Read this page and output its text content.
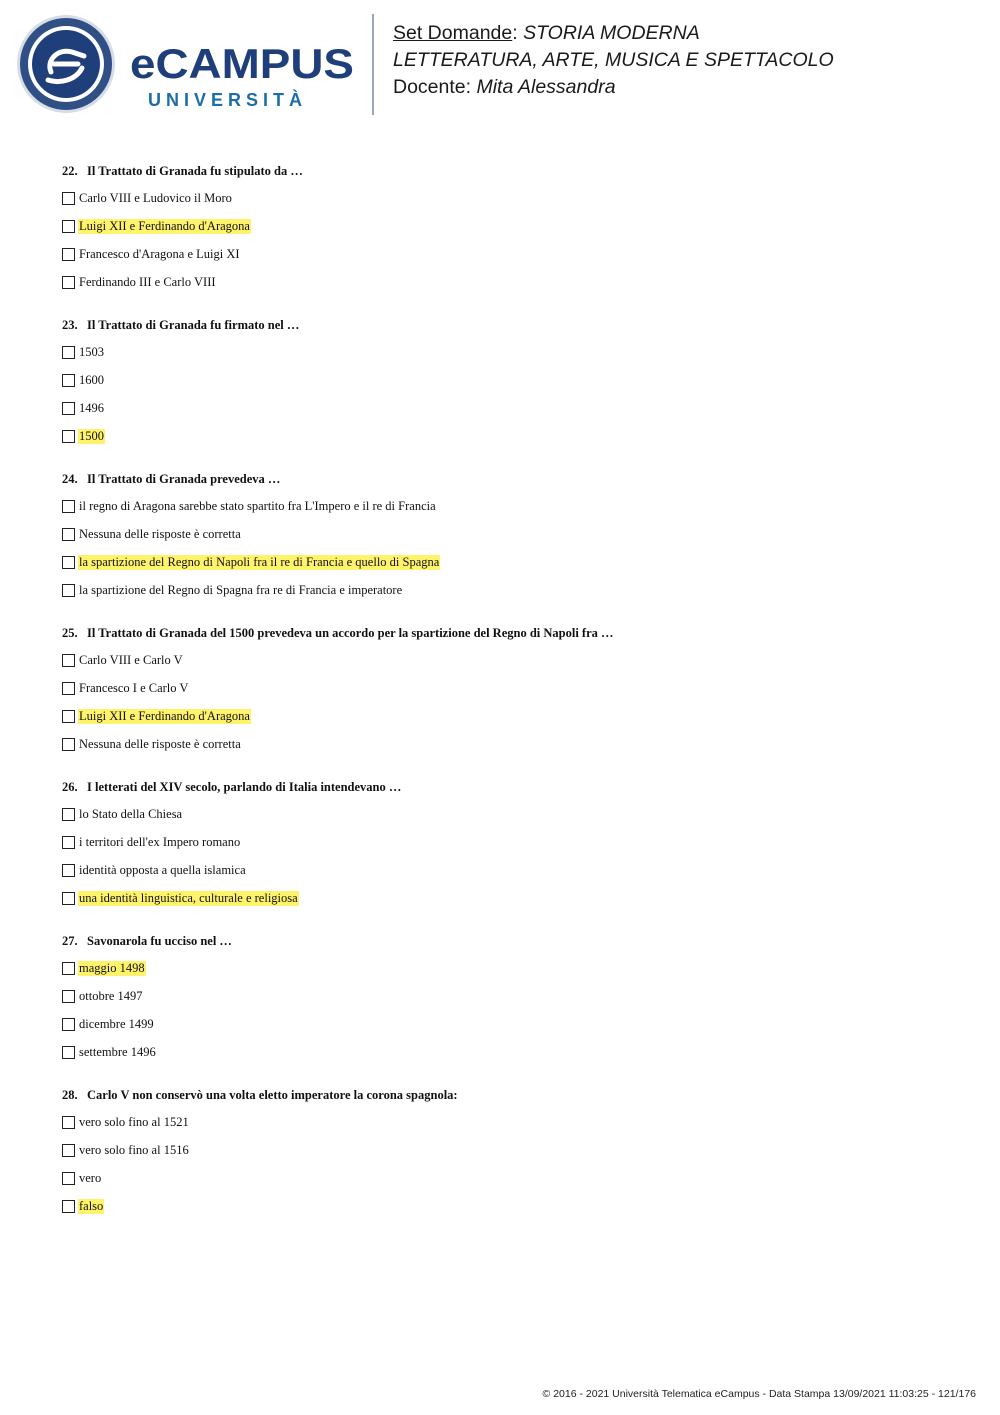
eCAMPUS
UNIVERSITÀ
Set Domande: STORIA MODERNA
LETTERATURA, ARTE, MUSICA E SPETTACOLO
Docente: Mita Alessandra
22. Il Trattato di Granada fu stipulato da …
Carlo VIII e Ludovico il Moro
Luigi XII e Ferdinando d'Aragona
Francesco d'Aragona e Luigi XI
Ferdinando III e Carlo VIII
23. Il Trattato di Granada fu firmato nel …
1503
1600
1496
1500
24. Il Trattato di Granada prevedeva …
il regno di Aragona sarebbe stato spartito fra L'Impero e il re di Francia
Nessuna delle risposte è corretta
la spartizione del Regno di Napoli fra il re di Francia e quello di Spagna
la spartizione del Regno di Spagna fra re di Francia e imperatore
25. Il Trattato di Granada del 1500 prevedeva un accordo per la spartizione del Regno di Napoli fra …
Carlo VIII e Carlo V
Francesco I e Carlo V
Luigi XII e Ferdinando d'Aragona
Nessuna delle risposte è corretta
26. I letterati del XIV secolo, parlando di Italia intendevano …
lo Stato della Chiesa
i territori dell'ex Impero romano
identità opposta a quella islamica
una identità linguistica, culturale e religiosa
27. Savonarola fu ucciso nel …
maggio 1498
ottobre 1497
dicembre 1499
settembre 1496
28. Carlo V non conservò una volta eletto imperatore la corona spagnola:
vero solo fino al 1521
vero solo fino al 1516
vero
falso
© 2016 - 2021 Università Telematica eCampus - Data Stampa 13/09/2021 11:03:25 - 121/176
